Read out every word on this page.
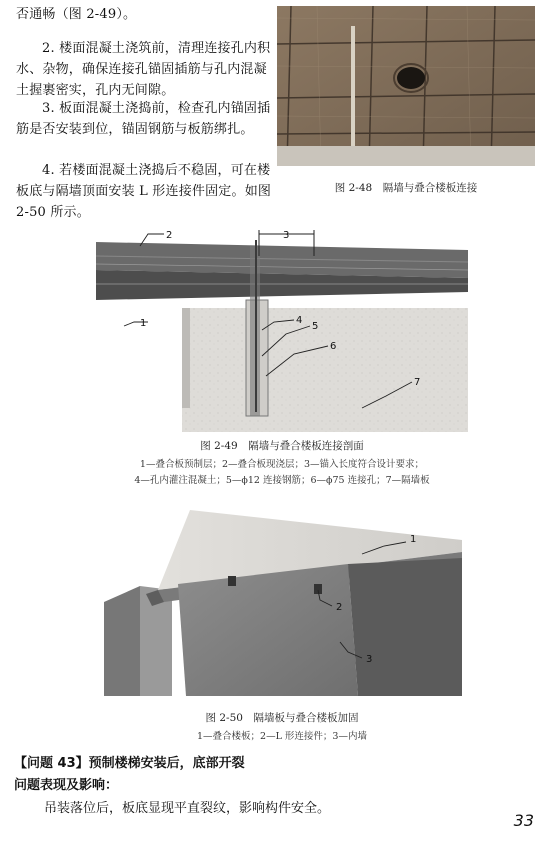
否通畅（图 2-49）。
2. 楼面混凝土浇筑前，清理连接孔内积水、杂物，确保连接孔锚固插筋与孔内混凝土握裹密实，孔内无间隙。
3. 板面混凝土浇捣前，检查孔内锚固插筋是否安装到位，锚固钢筋与板筋绑扎。
4. 若楼面混凝土浇捣后不稳固，可在楼板底与隔墙顶面安装 L 形连接件固定。如图 2-50 所示。
图 2-48　隔墙与叠合楼板连接
1
2	3
4
5
6
7
图 2-49　隔墙与叠合楼板连接剖面
1—叠合板预制层；2—叠合板现浇层；3—锚入长度符合设计要求；
4—孔内灌注混凝土；5—ϕ12 连接钢筋；6—ϕ75 连接孔；7—隔墙板
1
2
3
图 2-50　隔墙板与叠合楼板加固
1—叠合楼板；2—L 形连接件；3—内墙
【问题 43】预制楼梯安装后，底部开裂
问题表现及影响：
吊装落位后，板底显现平直裂纹，影响构件安全。
33
